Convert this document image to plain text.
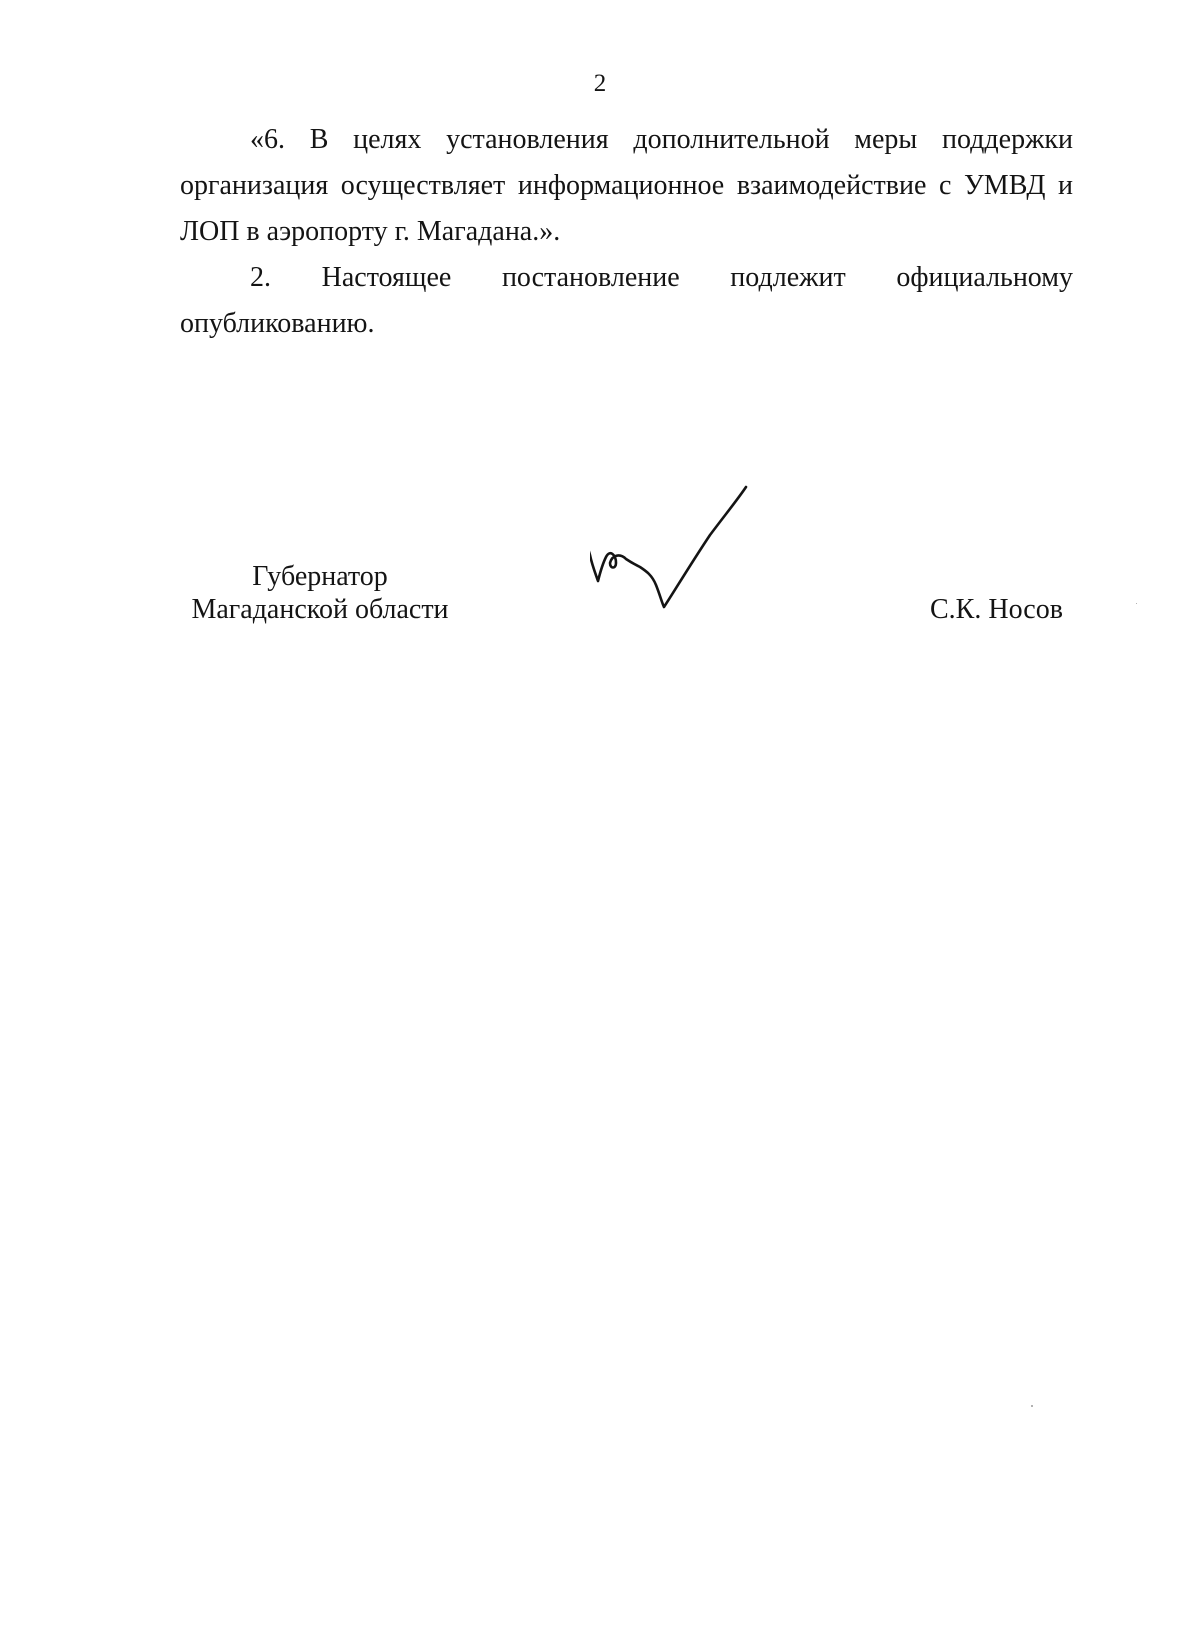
2

«6. В целях установления дополнительной меры поддержки организация осуществляет информационное взаимодействие с УМВД и ЛОП в аэропорту г. Магадана.».

2. Настоящее постановление подлежит официальному опубликованию.

Губернатор
Магаданской области	С.К. Носов
